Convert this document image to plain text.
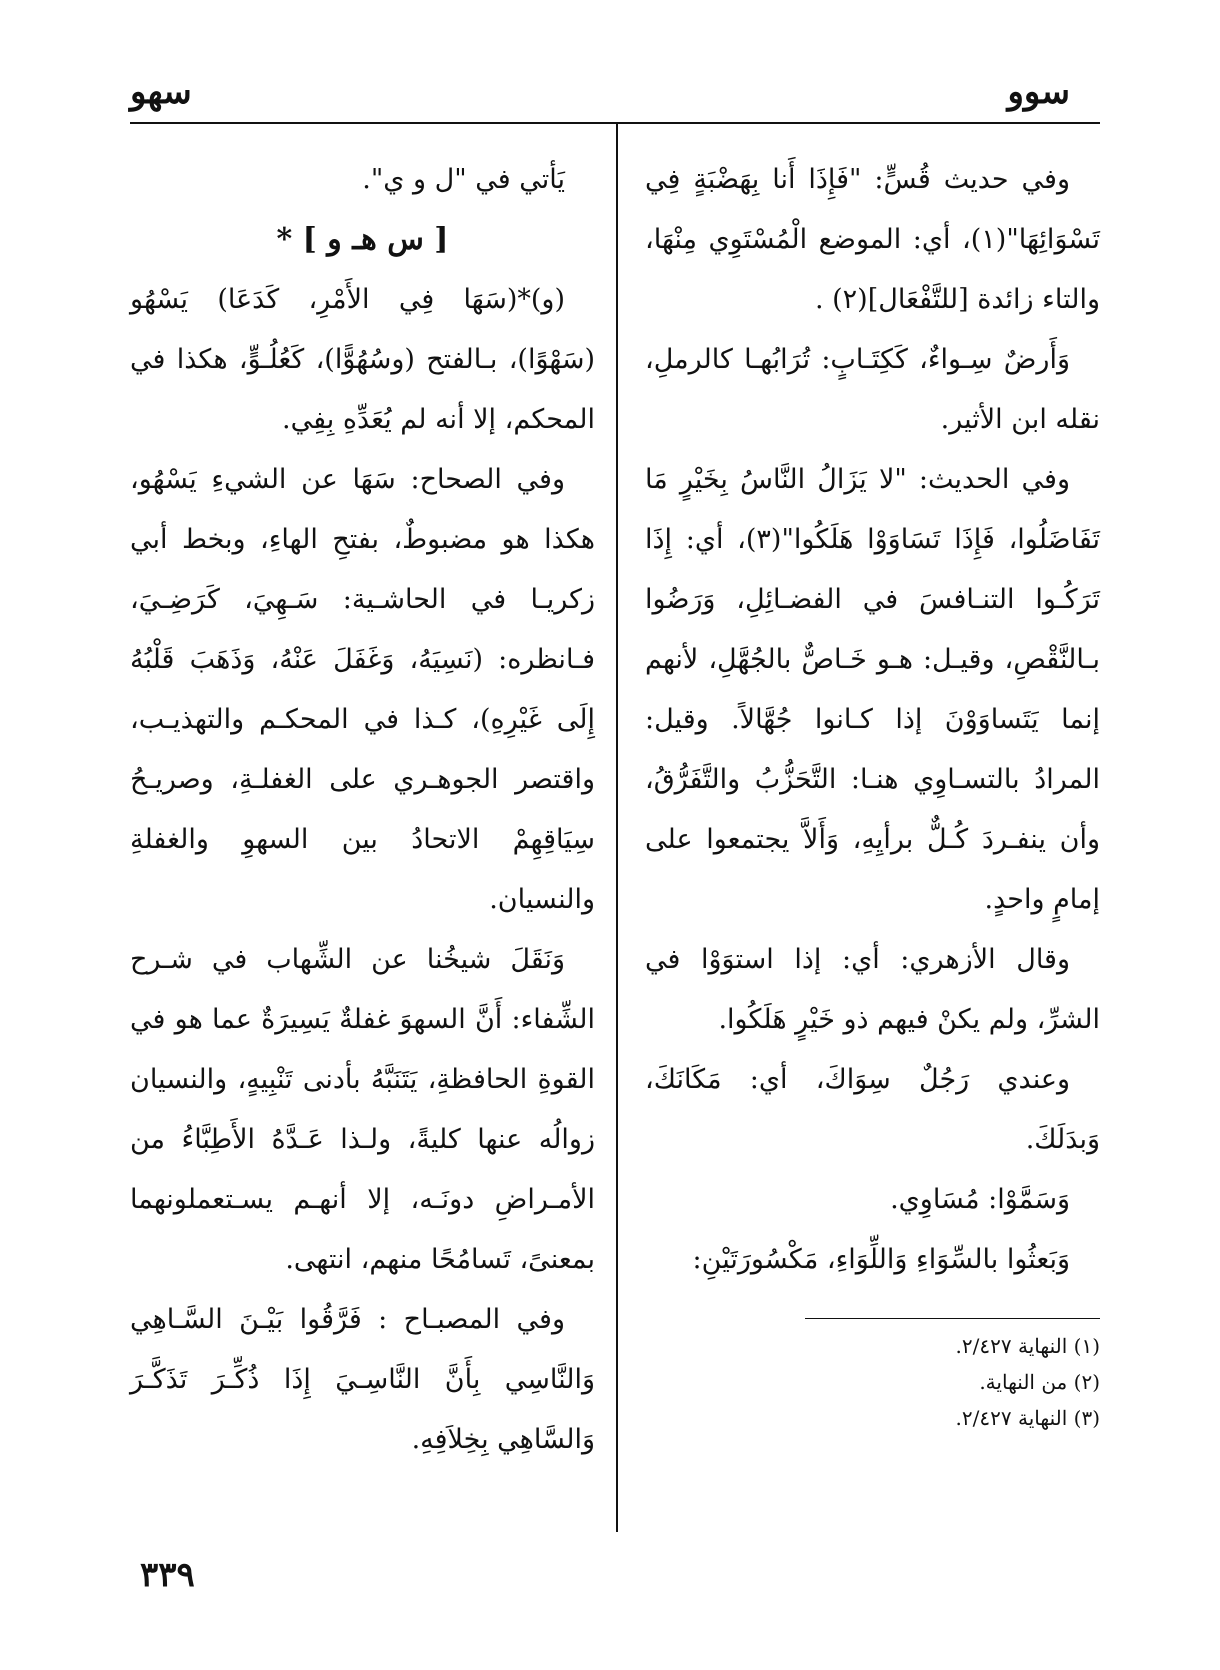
سوو
سهو

وفي حديث قُسٍّ: "فَإِذَا أَنا بِهَضْبَةٍ فِي تَسْوَائِهَا"(١)، أي: الموضع الْمُسْتَوِي مِنْهَا، والتاء زائدة [للتَّفْعَال](٢) .

وَأَرضٌ سِـواءٌ، كَكِتَـابٍ: تُرَابُهـا كالرملِ، نقله ابن الأثير.

وفي الحديث: "لا يَزَالُ النَّاسُ بِخَيْرٍ مَا تَفَاضَلُوا، فَإِذَا تَسَاوَوْا هَلَكُوا"(٣)، أي: إِذَا تَرَكُـوا التنـافسَ في الفضـائِلِ، وَرَضُوا بـالنَّقْصِ، وقيـل: هـو خَـاصٌّ بالجُهَّلِ، لأنهم إنما يَتَساوَوْنَ إذا كـانوا جُهَّالاً. وقيل: المرادُ بالتسـاوِي هنـا: التَّحَزُّبُ والتَّفَرُّقُ، وأن ينفـردَ كُـلٌّ برأيِهِ، وَأَلاَّ يجتمعوا على إمامٍ واحدٍ.

وقال الأزهري: أي: إذا استوَوْا في الشرِّ، ولم يكنْ فيهم ذو خَيْرٍ هَلَكُوا.

وعندي رَجُلٌ سِوَاكَ، أي: مَكَانَكَ، وَبدَلَكَ.

وَسَمَّوْا: مُسَاوِي.

وَبَعثُوا بالسِّوَاءِ وَاللِّوَاءِ، مَكْسُورَتَيْنِ:

يَأتي في "ل و ي".

[ س هـ و ] *

(و)*(سَهَا فِي الأَمْرِ، كَدَعَا) يَسْهُو (سَهْوًا)، بـالفتح (وسُهُوًّا)، كَعُلُـوٍّ، هكذا في المحكم، إلا أنه لم يُعَدِّهِ بِفِي.

وفي الصحاح: سَهَا عن الشيءِ يَسْهُو، هكذا هو مضبوطٌ، بفتحِ الهاءِ، وبخط أبي زكريـا في الحاشـية: سَـهِيَ، كَرَضِـيَ، فـانظره: (نَسِيَهُ، وَغَفَلَ عَنْهُ، وَذَهَبَ قَلْبُهُ إِلَى غَيْرِهِ)، كـذا في المحكـم والتهذيـب، واقتصر الجوهـري على الغفلـةِ، وصريـحُ سِيَاقِهِمْ الاتحادُ بين السهوِ والغفلةِ والنسيان.

وَنَقَلَ شيخُنا عن الشِّهاب في شـرح الشِّفاء: أَنَّ السهوَ غفلةٌ يَسِيرَةٌ عما هو في القوةِ الحافظةِ، يَتَنَبَّهُ بأدنى تَنْبِيهٍ، والنسيان زوالُه عنها كليةً، ولـذا عَـدَّهُ الأَطِبَّاءُ من الأمـراضِ دونَـه، إلا أنهـم يسـتعملونهما بمعنىً، تَسامُحًا منهم، انتهى.

وفي المصبـاح : فَرَّقُوا بَيْـنَ السَّـاهِي وَالنَّاسِي بِأَنَّ النَّاسِـيَ إِذَا ذُكِّـرَ تَذَكَّـرَ وَالسَّاهِي بِخِلاَفِهِ.

(١) النهاية ٢/٤٢٧.

(٢) من النهاية.

(٣) النهاية ٢/٤٢٧.

٣٣٩
